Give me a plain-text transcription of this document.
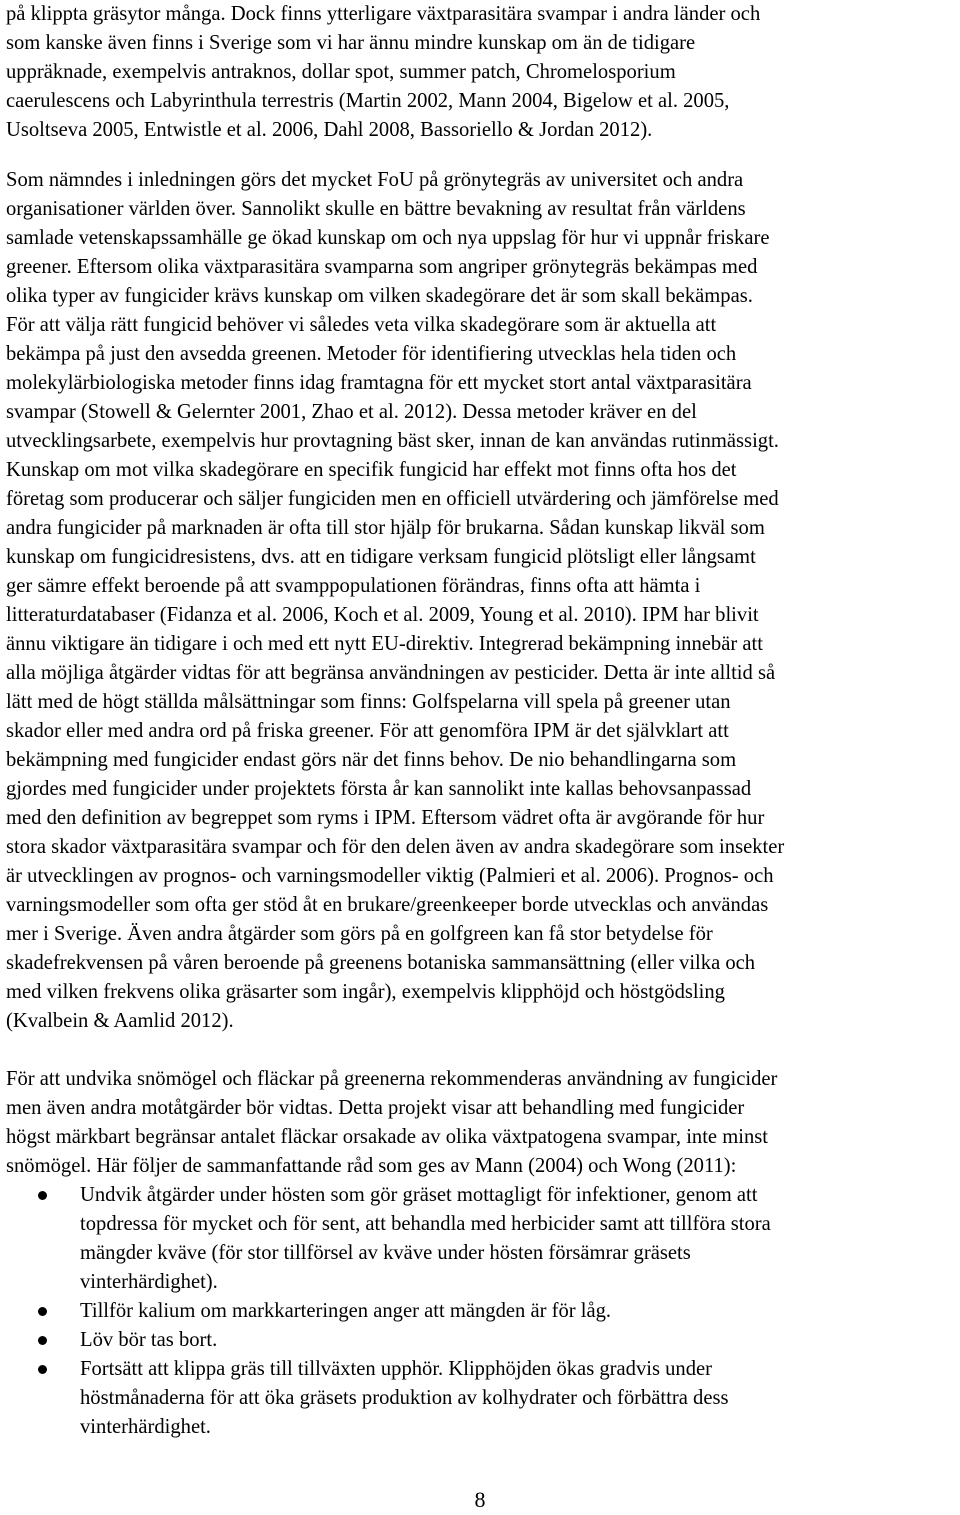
på klippta gräsytor många. Dock finns ytterligare växtparasitära svampar i andra länder och
som kanske även finns i Sverige som vi har ännu mindre kunskap om än de tidigare
uppräknade, exempelvis antraknos, dollar spot, summer patch, Chromelosporium
caerulescens och Labyrinthula terrestris (Martin 2002, Mann 2004, Bigelow et al. 2005,
Usoltseva 2005, Entwistle et al. 2006, Dahl 2008, Bassoriello & Jordan 2012).

Som nämndes i inledningen görs det mycket FoU på grönytegräs av universitet och andra
organisationer världen över. Sannolikt skulle en bättre bevakning av resultat från världens
samlade vetenskapssamhälle ge ökad kunskap om och nya uppslag för hur vi uppnår friskare
greener. Eftersom olika växtparasitära svamparna som angriper grönytegräs bekämpas med
olika typer av fungicider krävs kunskap om vilken skadegörare det är som skall bekämpas.
För att välja rätt fungicid behöver vi således veta vilka skadegörare som är aktuella att
bekämpa på just den avsedda greenen. Metoder för identifiering utvecklas hela tiden och
molekylärbiologiska metoder finns idag framtagna för ett mycket stort antal växtparasitära
svampar (Stowell & Gelernter 2001, Zhao et al. 2012). Dessa metoder kräver en del
utvecklingsarbete, exempelvis hur provtagning bäst sker, innan de kan användas rutinmässigt.
Kunskap om mot vilka skadegörare en specifik fungicid har effekt mot finns ofta hos det
företag som producerar och säljer fungiciden men en officiell utvärdering och jämförelse med
andra fungicider på marknaden är ofta till stor hjälp för brukarna. Sådan kunskap likväl som
kunskap om fungicidresistens, dvs. att en tidigare verksam fungicid plötsligt eller långsamt
ger sämre effekt beroende på att svamppopulationen förändras, finns ofta att hämta i
litteraturdatabaser (Fidanza et al. 2006, Koch et al. 2009, Young et al. 2010). IPM har blivit
ännu viktigare än tidigare i och med ett nytt EU-direktiv. Integrerad bekämpning innebär att
alla möjliga åtgärder vidtas för att begränsa användningen av pesticider. Detta är inte alltid så
lätt med de högt ställda målsättningar som finns: Golfspelarna vill spela på greener utan
skador eller med andra ord på friska greener. För att genomföra IPM är det självklart att
bekämpning med fungicider endast görs när det finns behov. De nio behandlingarna som
gjordes med fungicider under projektets första år kan sannolikt inte kallas behovsanpassad
med den definition av begreppet som ryms i IPM. Eftersom vädret ofta är avgörande för hur
stora skador växtparasitära svampar och för den delen även av andra skadegörare som insekter
är utvecklingen av prognos- och varningsmodeller viktig (Palmieri et al. 2006). Prognos- och
varningsmodeller som ofta ger stöd åt en brukare/greenkeeper borde utvecklas och användas
mer i Sverige. Även andra åtgärder som görs på en golfgreen kan få stor betydelse för
skadefrekvensen på våren beroende på greenens botaniska sammansättning (eller vilka och
med vilken frekvens olika gräsarter som ingår), exempelvis klipphöjd och höstgödsling
(Kvalbein & Aamlid 2012).

För att undvika snömögel och fläckar på greenerna rekommenderas användning av fungicider
men även andra motåtgärder bör vidtas. Detta projekt visar att behandling med fungicider
högst märkbart begränsar antalet fläckar orsakade av olika växtpatogena svampar, inte minst
snömögel. Här följer de sammanfattande råd som ges av Mann (2004) och Wong (2011):

Undvik åtgärder under hösten som gör gräset mottagligt för infektioner, genom att
topdressa för mycket och för sent, att behandla med herbicider samt att tillföra stora
mängder kväve (för stor tillförsel av kväve under hösten försämrar gräsets
vinterhärdighet).
Tillför kalium om markkarteringen anger att mängden är för låg.
Löv bör tas bort.
Fortsätt att klippa gräs till tillväxten upphör. Klipphöjden ökas gradvis under
höstmånaderna för att öka gräsets produktion av kolhydrater och förbättra dess
vinterhärdighet.
8
